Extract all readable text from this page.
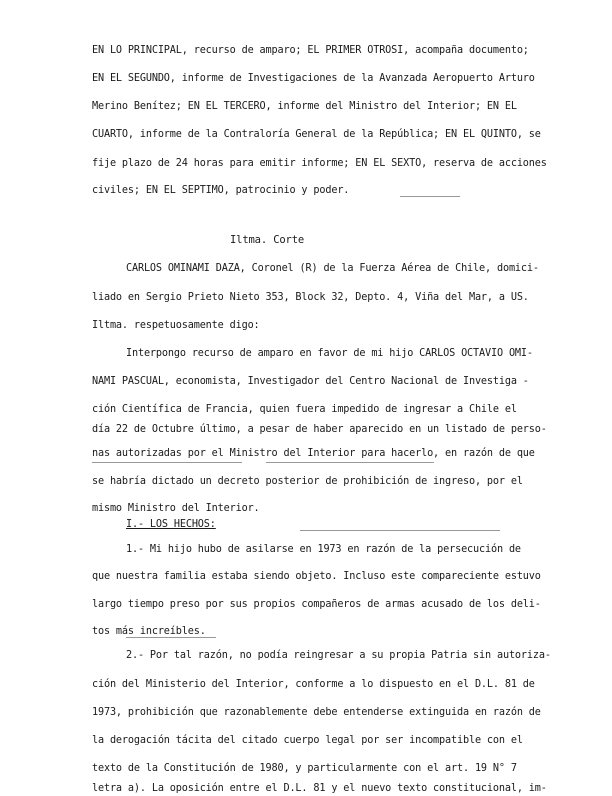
EN LO PRINCIPAL, recurso de amparo; EL PRIMER OTROSI, acompaña documento;
EN EL SEGUNDO, informe de Investigaciones de la Avanzada Aeropuerto Arturo
Merino Benítez; EN EL TERCERO, informe del Ministro del Interior; EN EL
CUARTO, informe de la Contraloría General de la República; EN EL QUINTO, se
fije plazo de 24 horas para emitir informe; EN EL SEXTO, reserva de acciones
civiles; EN EL SEPTIMO, patrocinio y poder.
Iltma. Corte
CARLOS OMINAMI DAZA, Coronel (R) de la Fuerza Aérea de Chile, domici-
liado en Sergio Prieto Nieto 353, Block 32, Depto. 4, Viña del Mar, a US.
Iltma. respetuosamente digo:
Interpongo recurso de amparo en favor de mi hijo CARLOS OCTAVIO OMI-
NAMI PASCUAL, economista, Investigador del Centro Nacional de Investiga -
ción Científica de Francia, quien fuera impedido de ingresar a Chile el
día 22 de Octubre último, a pesar de haber aparecido en un listado de perso-
nas autorizadas por el Ministro del Interior para hacerlo, en razón de que
se habría dictado un decreto posterior de prohibición de ingreso, por el
mismo Ministro del Interior.
I.- LOS HECHOS:
1.- Mi hijo hubo de asilarse en 1973 en razón de la persecución de
que nuestra familia estaba siendo objeto. Incluso este compareciente estuvo
largo tiempo preso por sus propios compañeros de armas acusado de los deli-
tos más increíbles.
2.- Por tal razón, no podía reingresar a su propia Patria sin autoriza-
ción del Ministerio del Interior, conforme a lo dispuesto en el D.L. 81 de
1973, prohibición que razonablemente debe entenderse extinguida en razón de
la derogación tácita del citado cuerpo legal por ser incompatible con el
texto de la Constitución de 1980, y particularmente con el art. 19 N° 7
letra a). La oposición entre el D.L. 81 y el nuevo texto constitucional, im-
